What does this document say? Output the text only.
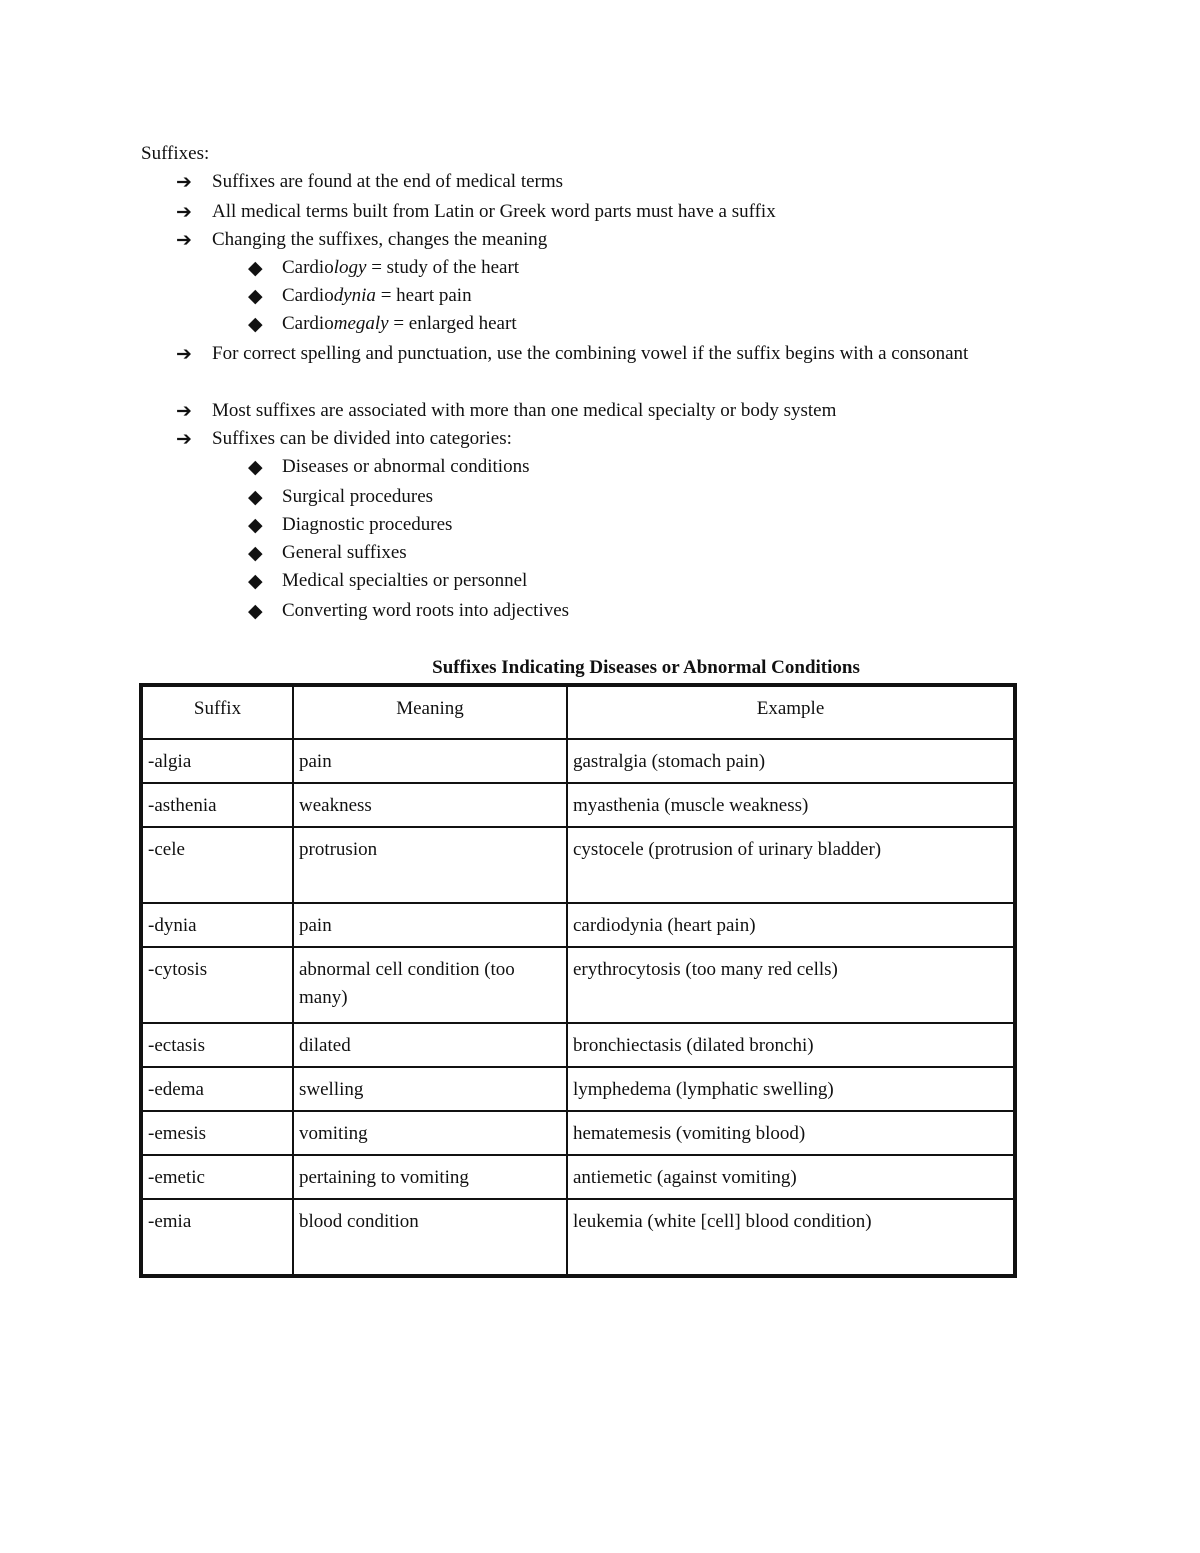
Suffixes:
➔	Suffixes are found at the end of medical terms
➔	All medical terms built from Latin or Greek word parts must have a suffix
➔	Changing the suffixes, changes the meaning
◆	Cardiology = study of the heart
◆	Cardiodynia = heart pain
◆	Cardiomegaly = enlarged heart
➔	For correct spelling and punctuation, use the combining vowel if the suffix begins with a consonant
➔	Most suffixes are associated with more than one medical specialty or body system
➔	Suffixes can be divided into categories:
◆	Diseases or abnormal conditions
◆	Surgical procedures
◆	Diagnostic procedures
◆	General suffixes
◆	Medical specialties or personnel
◆	Converting word roots into adjectives
Suffixes Indicating Diseases or Abnormal Conditions
Suffix	Meaning	Example
-algia	pain	gastralgia (stomach pain)
-asthenia	weakness	myasthenia (muscle weakness)
-cele	protrusion	cystocele (protrusion of urinary bladder)
-dynia	pain	cardiodynia (heart pain)
-cytosis	abnormal cell condition (too many)	erythrocytosis (too many red cells)
-ectasis	dilated	bronchiectasis (dilated bronchi)
-edema	swelling	lymphedema (lymphatic swelling)
-emesis	vomiting	hematemesis (vomiting blood)
-emetic	pertaining to vomiting	antiemetic (against vomiting)
-emia	blood condition	leukemia (white [cell] blood condition)
